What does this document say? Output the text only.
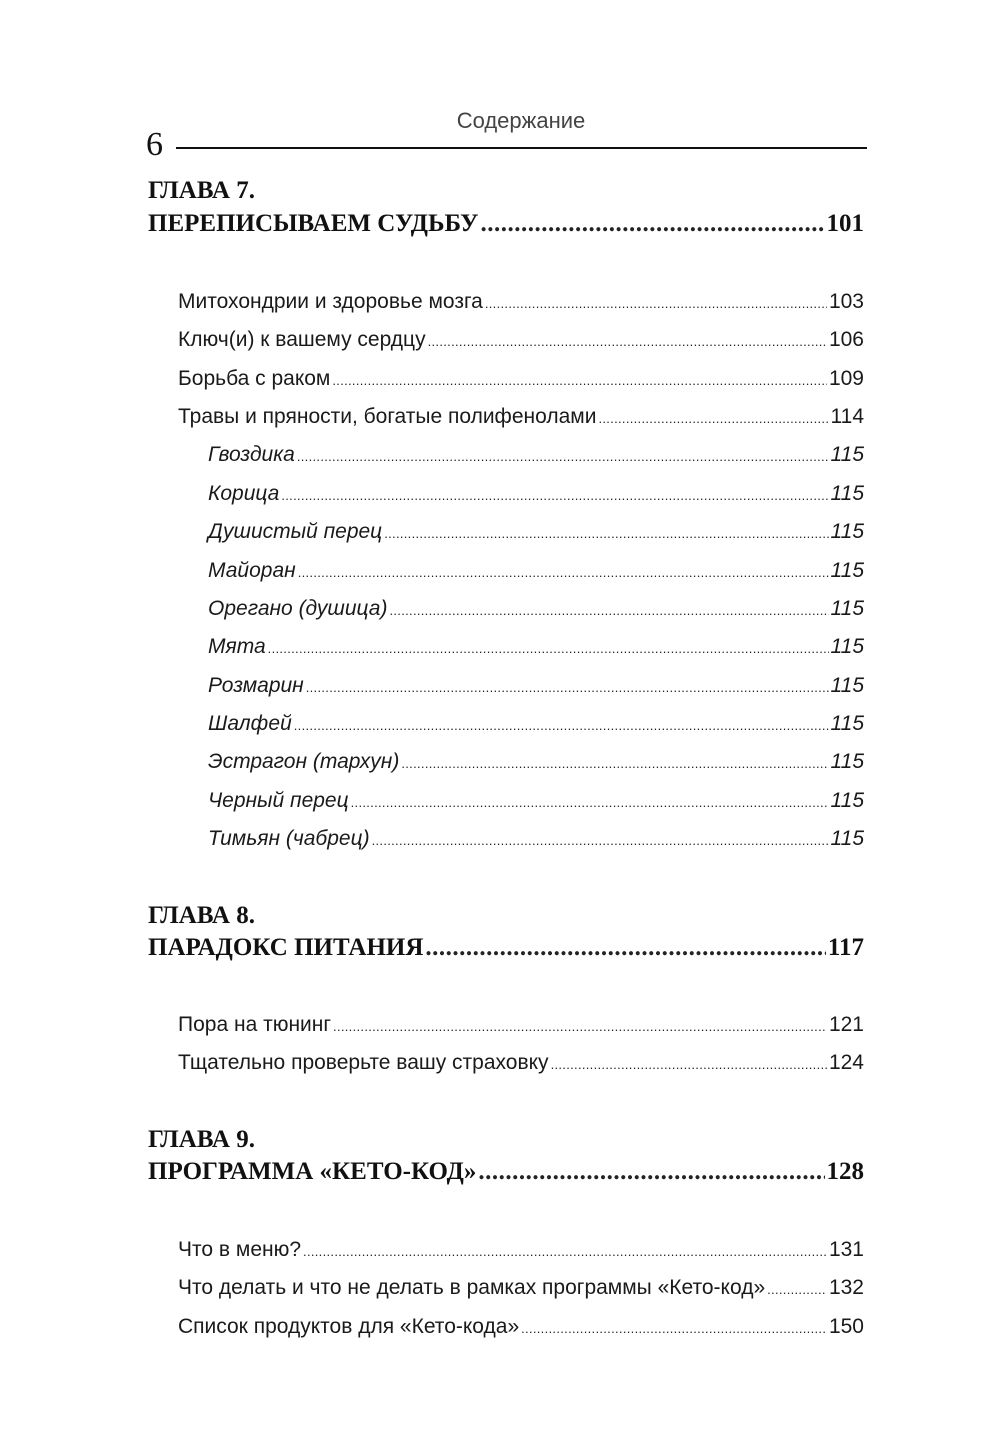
Содержание
6
ГЛАВА 7.
ПЕРЕПИСЫВАЕМ СУДЬБУ .....	101
Митохондрии и здоровье мозга .....	103
Ключ(и) к вашему сердцу .....	106
Борьба с раком .....	109
Травы и пряности, богатые полифенолами .....	114
Гвоздика .....	115
Корица .....	115
Душистый перец .....	115
Майоран .....	115
Орегано (душица) .....	115
Мята .....	115
Розмарин .....	115
Шалфей .....	115
Эстрагон (тархун) .....	115
Черный перец .....	115
Тимьян (чабрец) .....	115
ГЛАВА 8.
ПАРАДОКС ПИТАНИЯ .....	117
Пора на тюнинг .....	121
Тщательно проверьте вашу страховку .....	124
ГЛАВА 9.
ПРОГРАММА «КЕТО-КОД» .....	128
Что в меню? .....	131
Что делать и что не делать в рамках программы «Кето-код» .....	132
Список продуктов для «Кето-кода» .....	150
